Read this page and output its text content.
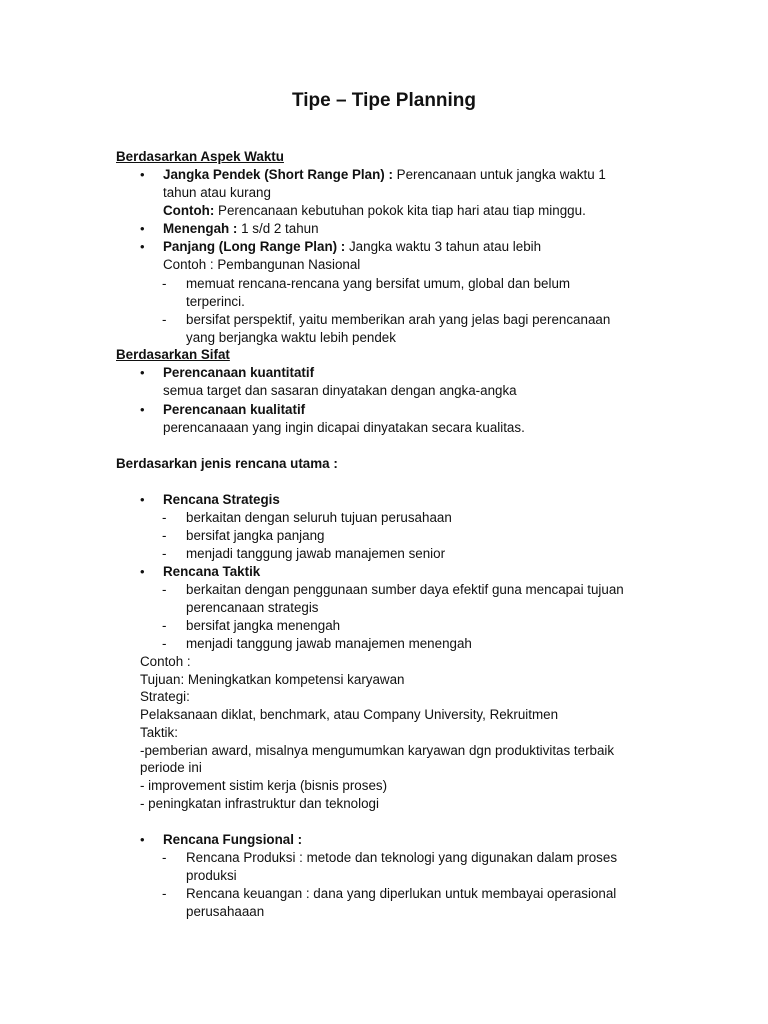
Tipe – Tipe Planning
Berdasarkan Aspek Waktu
• Jangka Pendek (Short Range Plan) : Perencanaan untuk jangka waktu 1
tahun atau kurang
Contoh: Perencanaan kebutuhan pokok kita tiap hari atau tiap minggu.
• Menengah : 1 s/d 2 tahun
• Panjang (Long Range Plan) : Jangka waktu 3 tahun atau lebih
Contoh : Pembangunan Nasional
- memuat rencana-rencana yang bersifat umum, global dan belum
terperinci.
- bersifat perspektif, yaitu memberikan arah yang jelas bagi perencanaan
yang berjangka waktu lebih pendek
Berdasarkan Sifat
• Perencanaan kuantitatif
semua target dan sasaran dinyatakan dengan angka-angka
• Perencanaan kualitatif
perencanaaan yang ingin dicapai dinyatakan secara kualitas.
Berdasarkan jenis rencana utama :
• Rencana Strategis
- berkaitan dengan seluruh tujuan perusahaan
- bersifat jangka panjang
- menjadi tanggung jawab manajemen senior
• Rencana Taktik
- berkaitan dengan penggunaan sumber daya efektif guna mencapai tujuan
perencanaan strategis
- bersifat jangka menengah
- menjadi tanggung jawab manajemen menengah
Contoh :
Tujuan: Meningkatkan kompetensi karyawan
Strategi:
Pelaksanaan diklat, benchmark, atau Company University, Rekruitmen
Taktik:
-pemberian award, misalnya mengumumkan karyawan dgn produktivitas terbaik
periode ini
- improvement sistim kerja (bisnis proses)
- peningkatan infrastruktur dan teknologi
• Rencana Fungsional :
- Rencana Produksi : metode dan teknologi yang digunakan dalam proses
produksi
- Rencana keuangan : dana yang diperlukan untuk membayai operasional
perusahaaan
